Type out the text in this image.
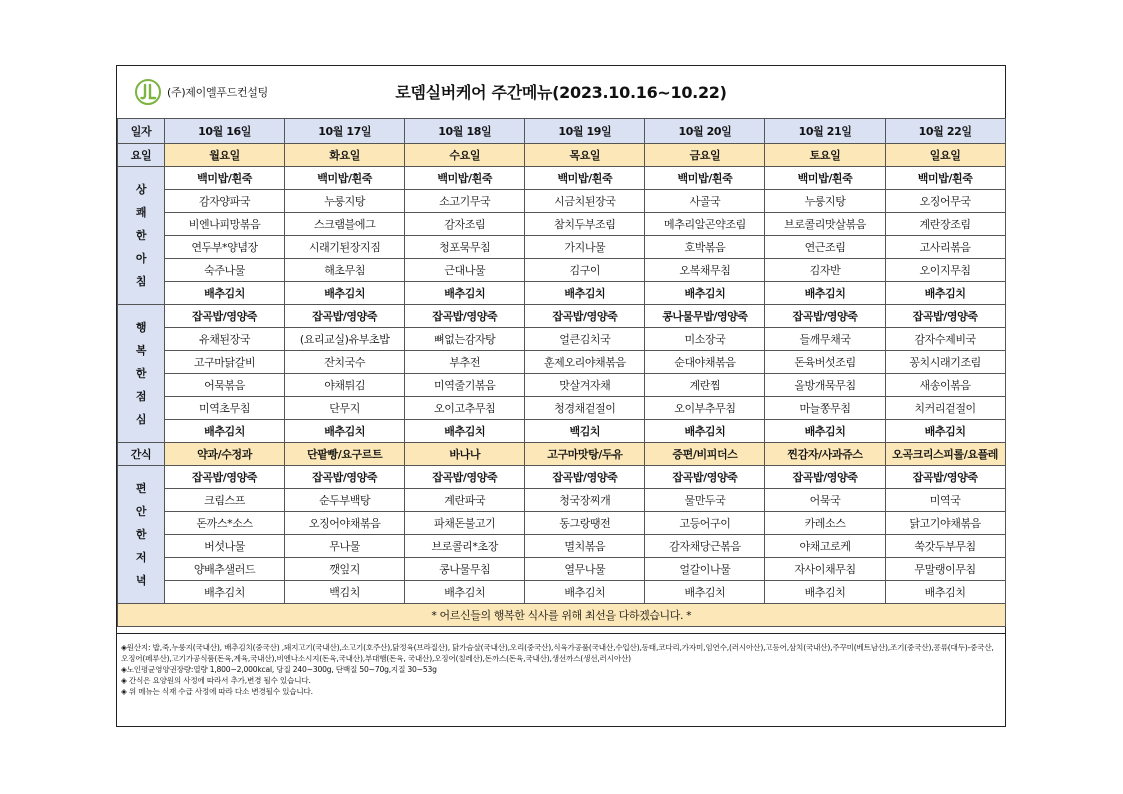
(주)제이엘푸드컨설팅	로뎀실버케어 주간메뉴(2023.10.16~10.22)
일자	10월 16일	10월 17일	10월 18일	10월 19일	10월 20일	10월 21일	10월 22일
요일	월요일	화요일	수요일	목요일	금요일	토요일	일요일

상
쾌
한
아
침	백미밥/흰죽	백미밥/흰죽	백미밥/흰죽	백미밥/흰죽	백미밥/흰죽	백미밥/흰죽	백미밥/흰죽
	감자양파국	누룽지탕	소고기무국	시금치된장국	사골국	누룽지탕	오징어무국
	비엔나피망볶음	스크램블에그	감자조림	참치두부조림	메추리알곤약조림	브로콜리맛살볶음	계란장조림
	연두부*양념장	시래기된장지짐	청포묵무침	가지나물	호박볶음	연근조림	고사리볶음
	숙주나물	해초무침	근대나물	김구이	오복채무침	김자반	오이지무침
	배추김치	배추김치	배추김치	배추김치	배추김치	배추김치	배추김치

행
복
한
점
심	잡곡밥/영양죽	잡곡밥/영양죽	잡곡밥/영양죽	잡곡밥/영양죽	콩나물무밥/영양죽	잡곡밥/영양죽	잡곡밥/영양죽
	유채된장국	(요리교실)유부초밥	뼈없는감자탕	얼큰김치국	미소장국	들깨무채국	감자수제비국
	고구마닭갈비	잔치국수	부추전	훈제오리야채볶음	순대야채볶음	돈육버섯조림	꽁치시래기조림
	어묵볶음	야채튀김	미역줄기볶음	맛살겨자채	계란찜	올방개묵무침	새송이볶음
	미역초무침	단무지	오이고추무침	청경채겉절이	오이부추무침	마늘쫑무침	치커리겉절이
	배추김치	배추김치	배추김치	백김치	배추김치	배추김치	배추김치
간식	약과/수정과	단팥빵/요구르트	바나나	고구마맛탕/두유	증편/비피더스	찐감자/사과쥬스	오곡크리스피롤/요플레

편
안
한
저
녁	잡곡밥/영양죽	잡곡밥/영양죽	잡곡밥/영양죽	잡곡밥/영양죽	잡곡밥/영양죽	잡곡밥/영양죽	잡곡밥/영양죽
	크림스프	순두부백탕	계란파국	청국장찌개	물만두국	어묵국	미역국
	돈까스*소스	오징어야채볶음	파채돈불고기	동그랑땡전	고등어구이	카레소스	닭고기야채볶음
	버섯나물	무나물	브로콜리*초장	멸치볶음	감자채당근볶음	야채고로케	쑥갓두부무침
	양배추샐러드	깻잎지	콩나물무침	열무나물	얼갈이나물	자사이채무침	무말랭이무침
	배추김치	백김치	배추김치	배추김치	배추김치	배추김치	배추김치
* 어르신들의 행복한 식사를 위해 최선을 다하겠습니다. *							
◈원산지: 밥,죽,누룽지(국내산), 배추김치(중국산) ,돼지고기(국내산),소고기(호주산),닭정육(브라질산), 닭가슴살(국내산),오리(중국산),식육가공품(국내산,수입산),동태,코다리,가자미,임연수,(러시아산),고등어,삼치(국내산),주꾸미(베트남산),조기(중국산),콩류(대두)-중국산,오징어(페루산),고기가공식품(돈육,계육,국내산),비엔나소시지(돈육,국내산),부대햄(돈육, 국내산),오징어(칠레산),돈까스(돈육,국내산),생선까스(생선,러시아산)
◈노인평균영양권장량:열량 1,800~2,000kcal, 당질 240~300g, 단백질 50~70g,지질 30~53g
◈ 간식은 요양원의 사정에 따라서 추가,변경 될수 있습니다.
◈ 위 메뉴는 식재 수급 사정에 따라 다소 변경될수 있습니다.
